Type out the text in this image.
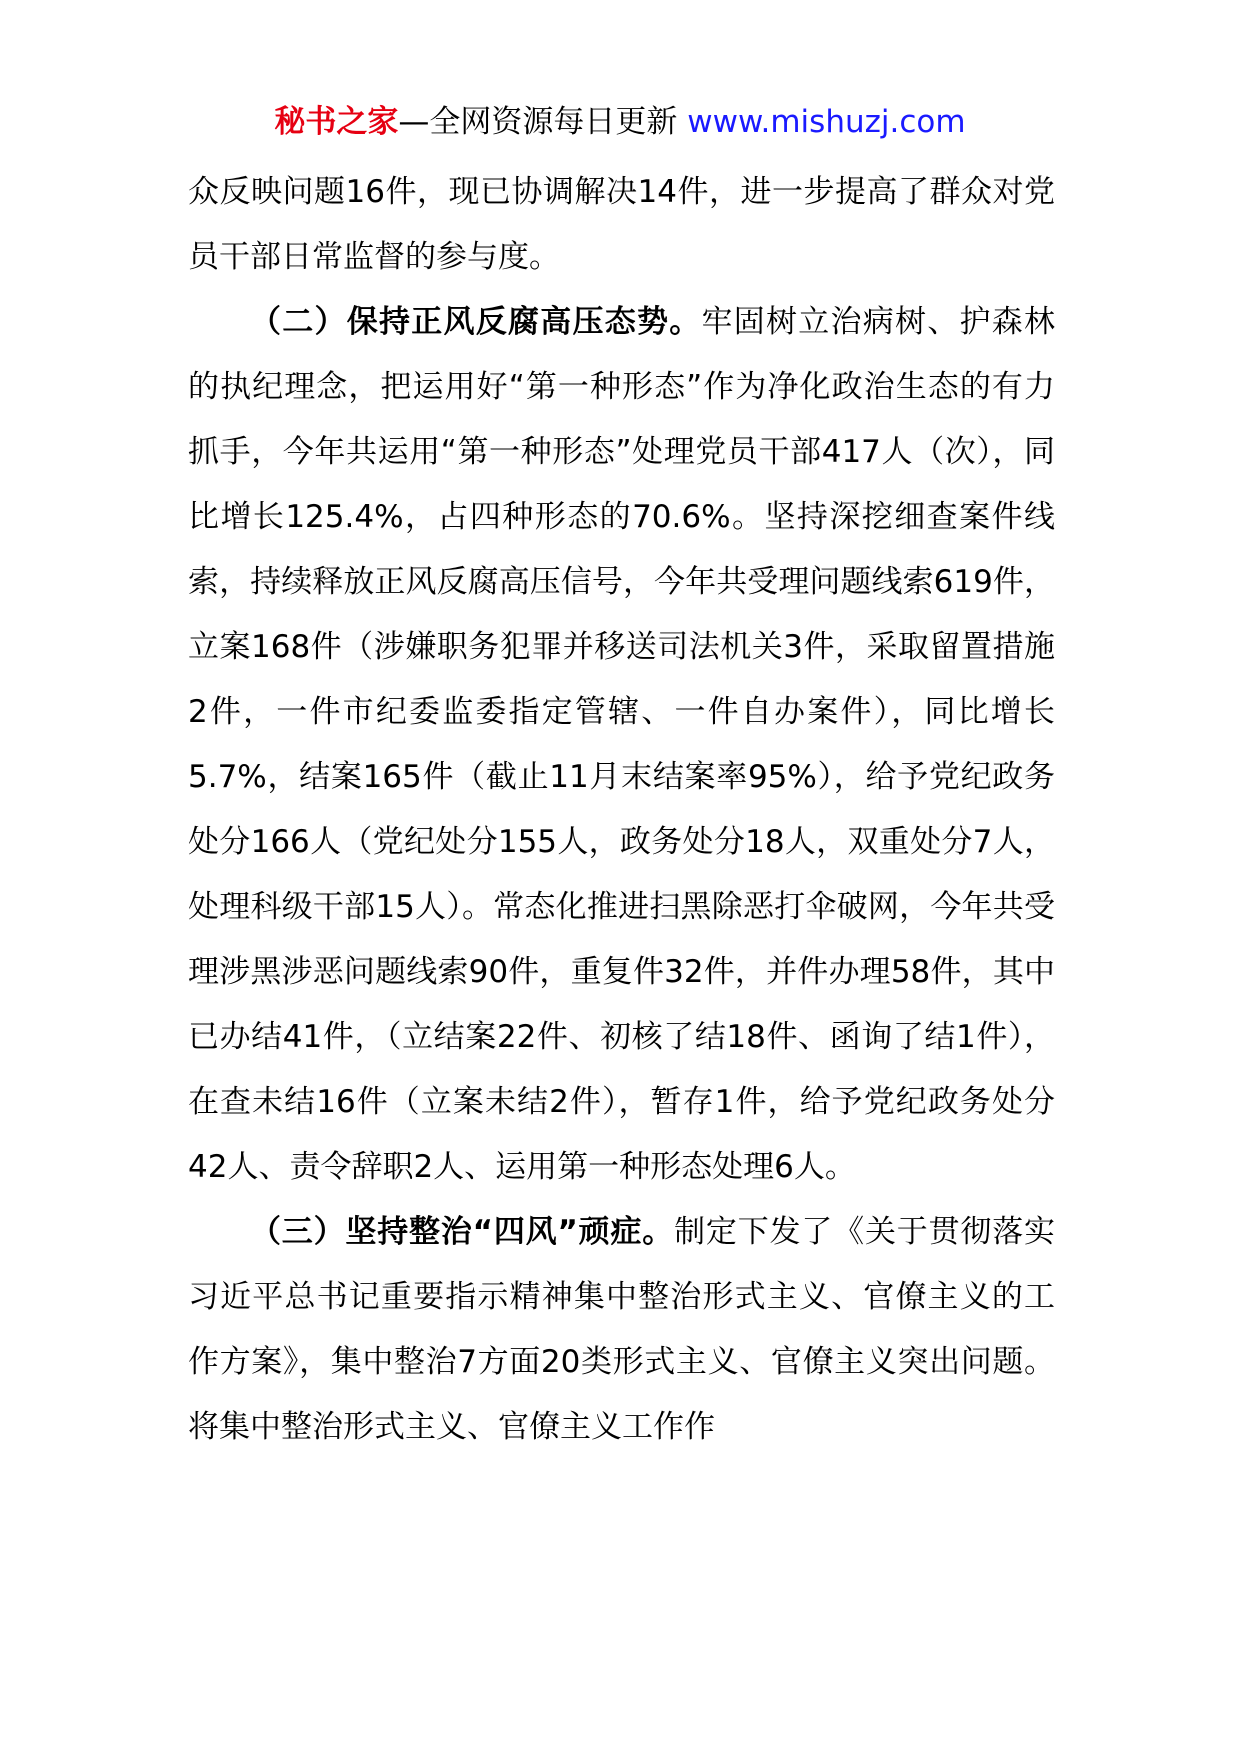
秘书之家—全网资源每日更新 www.mishuzj.com

众反映问题16件，现已协调解决14件，进一步提高了群众对党员干部日常监督的参与度。

（二）保持正风反腐高压态势。牢固树立治病树、护森林的执纪理念，把运用好“第一种形态”作为净化政治生态的有力抓手，今年共运用“第一种形态”处理党员干部417人（次），同比增长125.4%，占四种形态的70.6%。坚持深挖细查案件线索，持续释放正风反腐高压信号，今年共受理问题线索619件，立案168件（涉嫌职务犯罪并移送司法机关3件，采取留置措施2件，一件市纪委监委指定管辖、一件自办案件），同比增长5.7%，结案165件（截止11月末结案率95%），给予党纪政务处分166人（党纪处分155人，政务处分18人，双重处分7人，处理科级干部15人）。常态化推进扫黑除恶打伞破网，今年共受理涉黑涉恶问题线索90件，重复件32件，并件办理58件，其中已办结41件，（立结案22件、初核了结18件、函询了结1件），在查未结16件（立案未结2件），暂存1件，给予党纪政务处分42人、责令辞职2人、运用第一种形态处理6人。

（三）坚持整治“四风”顽症。制定下发了《关于贯彻落实习近平总书记重要指示精神集中整治形式主义、官僚主义的工作方案》，集中整治7方面20类形式主义、官僚主义突出问题。将集中整治形式主义、官僚主义工作作
